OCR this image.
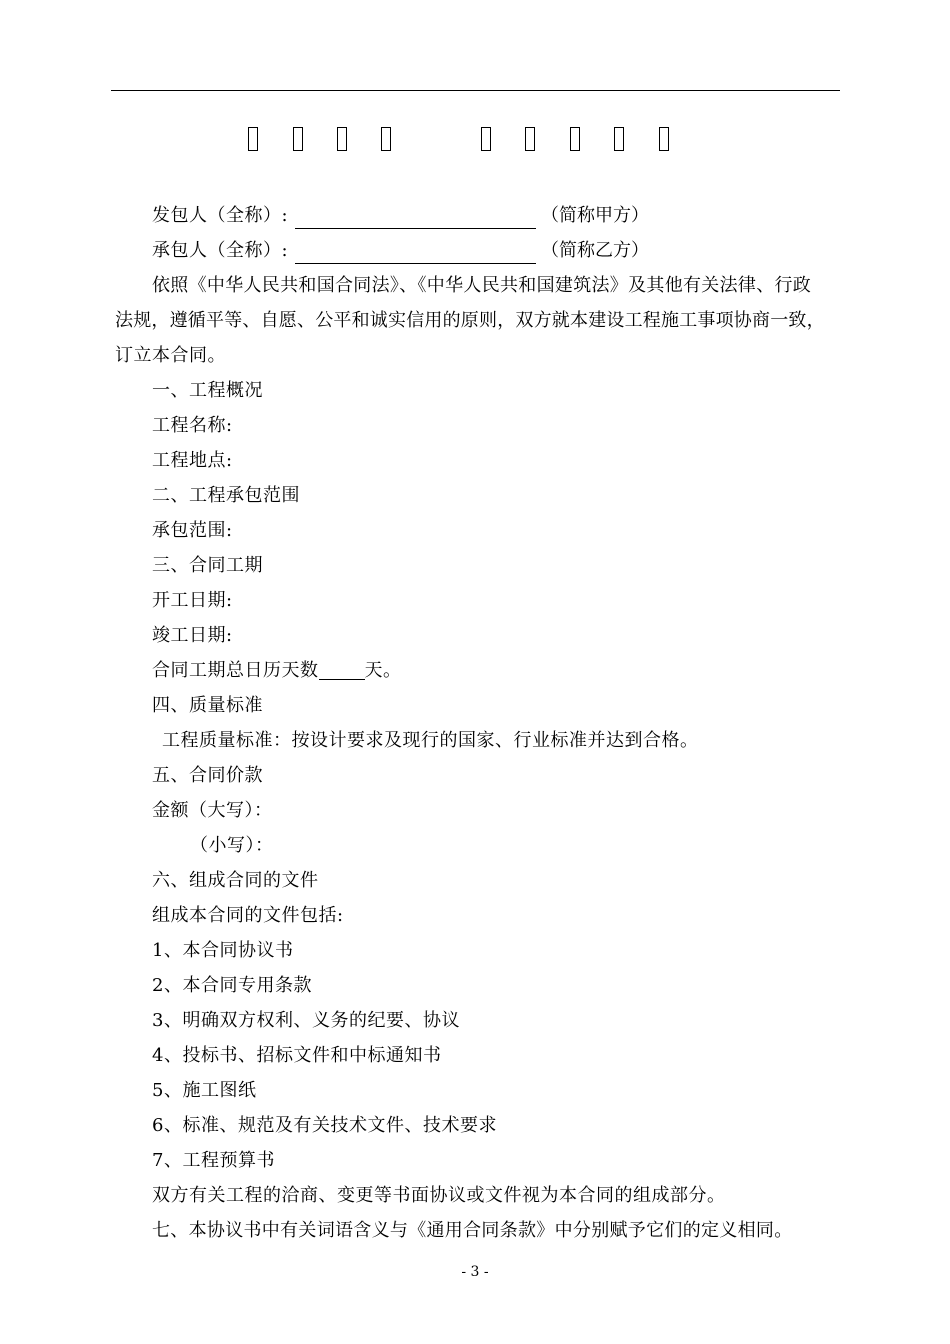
发包人（全称）:	（简称甲方）
承包人（全称）:	（简称乙方）
依照《中华人民共和国合同法》、《中华人民共和国建筑法》及其他有关法律、行政
法规，遵循平等、自愿、公平和诚实信用的原则，双方就本建设工程施工事项协商一致，
订立本合同。
一、工程概况
工程名称:
工程地点:
二、工程承包范围
承包范围:
三、合同工期
开工日期:
竣工日期:
合同工期总日历天数	天。
四、质量标准
工程质量标准：按设计要求及现行的国家、行业标准并达到合格。
五、合同价款
金额（大写）：
（小写）：
六、组成合同的文件
组成本合同的文件包括:
1、本合同协议书
2、本合同专用条款
3、明确双方权利、义务的纪要、协议
4、投标书、招标文件和中标通知书
5、施工图纸
6、标准、规范及有关技术文件、技术要求
7、工程预算书
双方有关工程的洽商、变更等书面协议或文件视为本合同的组成部分。
七、本协议书中有关词语含义与《通用合同条款》中分别赋予它们的定义相同。
- 3 -
